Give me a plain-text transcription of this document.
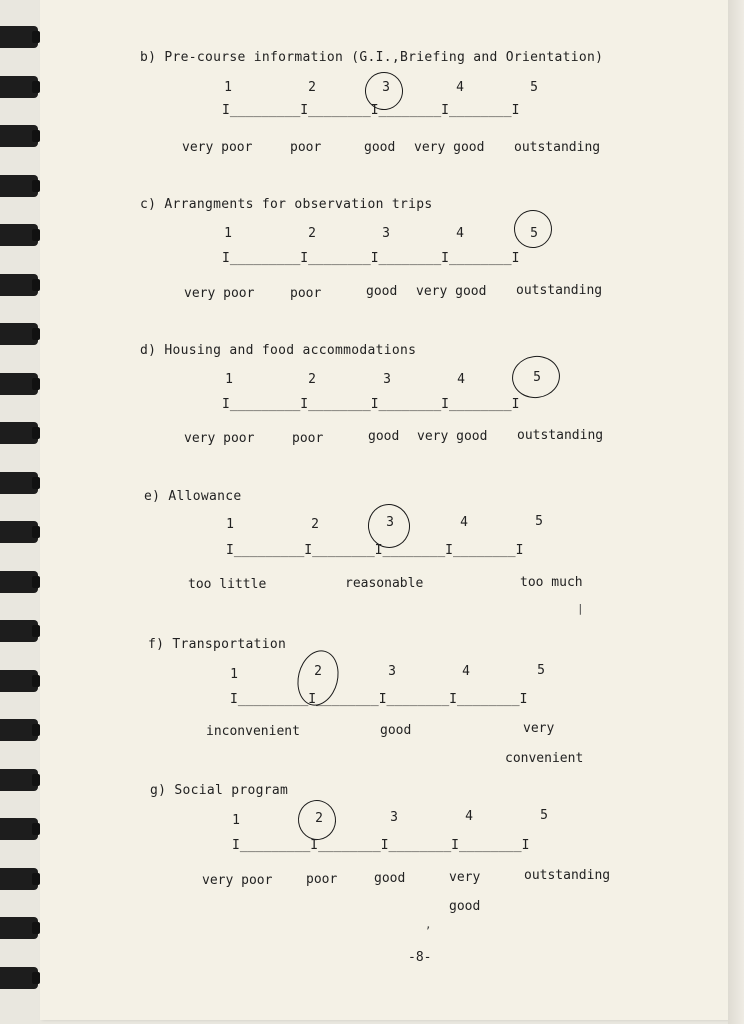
b) Pre-course information (G.I.,Briefing and Orientation)
1	2	3	4	5
I_________I________I________I________I
very poor	poor	good very good outstanding
c) Arrangments for observation trips
1	2	3	4	5
I_________I________I________I________I
very poor	poor	good very good outstanding
d) Housing and food accommodations
1	2	3	4	5
I_________I________I________I________I
very poor	poor	good very good outstanding
e) Allowance
1	2	3	4	5
I_________I________I________I________I
too little	reasonable	too much
f) Transportation
1	2	3	4	5
I_________I________I________I________I
inconvenient	good	very
convenient
g) Social program
1	2	3	4	5
I_________I________I________I________I
very poor	poor	good	very	outstanding
good
,
|
-8-
